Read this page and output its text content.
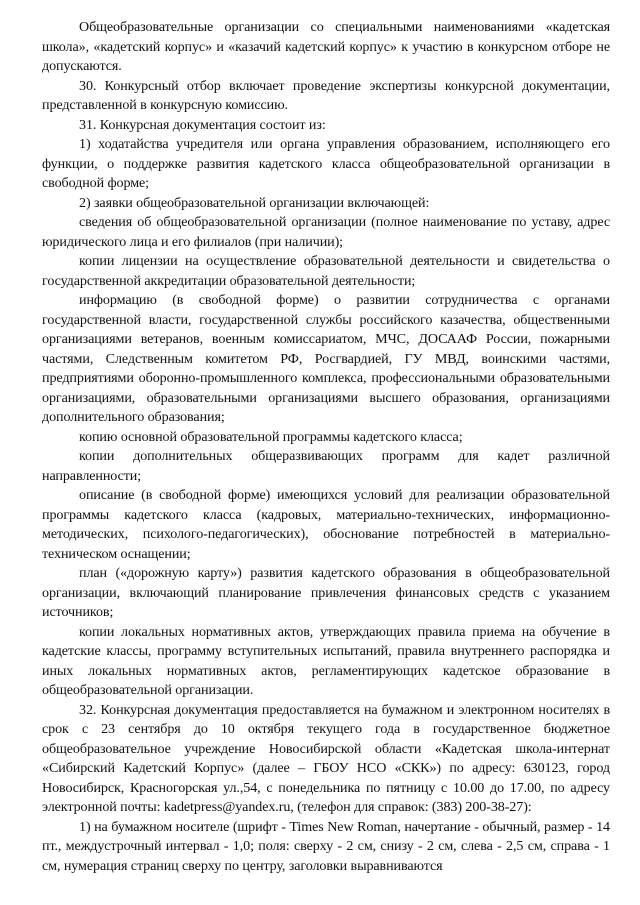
Общеобразовательные организации со специальными наименованиями «кадетская школа», «кадетский корпус» и «казачий кадетский корпус» к участию в конкурсном отборе не допускаются.

30. Конкурсный отбор включает проведение экспертизы конкурсной документации, представленной в конкурсную комиссию.

31. Конкурсная документация состоит из:

1) ходатайства учредителя или органа управления образованием, исполняющего его функции, о поддержке развития кадетского класса общеобразовательной организации в свободной форме;

2) заявки общеобразовательной организации включающей:

сведения об общеобразовательной организации (полное наименование по уставу, адрес юридического лица и его филиалов (при наличии);

копии лицензии на осуществление образовательной деятельности и свидетельства о государственной аккредитации образовательной деятельности;

информацию (в свободной форме) о развитии сотрудничества с органами государственной власти, государственной службы российского казачества, общественными организациями ветеранов, военным комиссариатом, МЧС, ДОСААФ России, пожарными частями, Следственным комитетом РФ, Росгвардией, ГУ МВД, воинскими частями, предприятиями оборонно-промышленного комплекса, профессиональными образовательными организациями, образовательными организациями высшего образования, организациями дополнительного образования;

копию основной образовательной программы кадетского класса;

копии дополнительных общеразвивающих программ для кадет различной направленности;

описание (в свободной форме) имеющихся условий для реализации образовательной программы кадетского класса (кадровых, материально-технических, информационно-методических, психолого-педагогических), обоснование потребностей в материально-техническом оснащении;

план («дорожную карту») развития кадетского образования в общеобразовательной организации, включающий планирование привлечения финансовых средств с указанием источников;

копии локальных нормативных актов, утверждающих правила приема на обучение в кадетские классы, программу вступительных испытаний, правила внутреннего распорядка и иных локальных нормативных актов, регламентирующих кадетское образование в общеобразовательной организации.

32. Конкурсная документация предоставляется на бумажном и электронном носителях в срок с 23 сентября до 10 октября текущего года в государственное бюджетное общеобразовательное учреждение Новосибирской области «Кадетская школа-интернат «Сибирский Кадетский Корпус» (далее – ГБОУ НСО «СКК») по адресу: 630123, город Новосибирск, Красногорская ул.,54, с понедельника по пятницу с 10.00 до 17.00, по адресу электронной почты: kadetpress@yandex.ru, (телефон для справок: (383) 200-38-27):

1) на бумажном носителе (шрифт - Times New Roman, начертание - обычный, размер - 14 пт., междустрочный интервал - 1,0; поля: сверху - 2 см, снизу - 2 см, слева - 2,5 см, справа - 1 см, нумерация страниц сверху по центру, заголовки выравниваются
